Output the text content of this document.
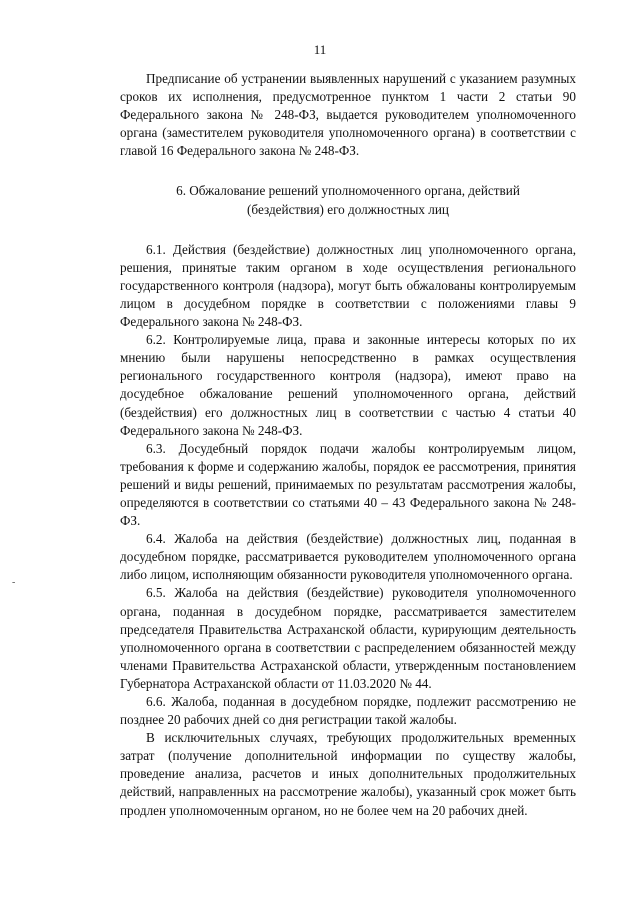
11
-

Предписание об устранении выявленных нарушений с указанием разумных сроков их исполнения, предусмотренное пунктом 1 части 2 статьи 90 Федерального закона № 248-ФЗ, выдается руководителем уполномоченного органа (заместителем руководителя уполномоченного органа) в соответствии с главой 16 Федерального закона № 248-ФЗ.

6. Обжалование решений уполномоченного органа, действий (бездействия) его должностных лиц

6.1. Действия (бездействие) должностных лиц уполномоченного органа, решения, принятые таким органом в ходе осуществления регионального государственного контроля (надзора), могут быть обжалованы контролируемым лицом в досудебном порядке в соответствии с положениями главы 9 Федерального закона № 248-ФЗ.

6.2. Контролируемые лица, права и законные интересы которых по их мнению были нарушены непосредственно в рамках осуществления регионального государственного контроля (надзора), имеют право на досудебное обжалование решений уполномоченного органа, действий (бездействия) его должностных лиц в соответствии с частью 4 статьи 40 Федерального закона № 248-ФЗ.

6.3. Досудебный порядок подачи жалобы контролируемым лицом, требования к форме и содержанию жалобы, порядок ее рассмотрения, принятия решений и виды решений, принимаемых по результатам рассмотрения жалобы, определяются в соответствии со статьями 40 – 43 Федерального закона № 248-ФЗ.

6.4. Жалоба на действия (бездействие) должностных лиц, поданная в досудебном порядке, рассматривается руководителем уполномоченного органа либо лицом, исполняющим обязанности руководителя уполномоченного органа.

6.5. Жалоба на действия (бездействие) руководителя уполномоченного органа, поданная в досудебном порядке, рассматривается заместителем председателя Правительства Астраханской области, курирующим деятельность уполномоченного органа в соответствии с распределением обязанностей между членами Правительства Астраханской области, утвержденным постановлением Губернатора Астраханской области от 11.03.2020 № 44.

6.6. Жалоба, поданная в досудебном порядке, подлежит рассмотрению не позднее 20 рабочих дней со дня регистрации такой жалобы.

В исключительных случаях, требующих продолжительных временных затрат (получение дополнительной информации по существу жалобы, проведение анализа, расчетов и иных дополнительных продолжительных действий, направленных на рассмотрение жалобы), указанный срок может быть продлен уполномоченным органом, но не более чем на 20 рабочих дней.
